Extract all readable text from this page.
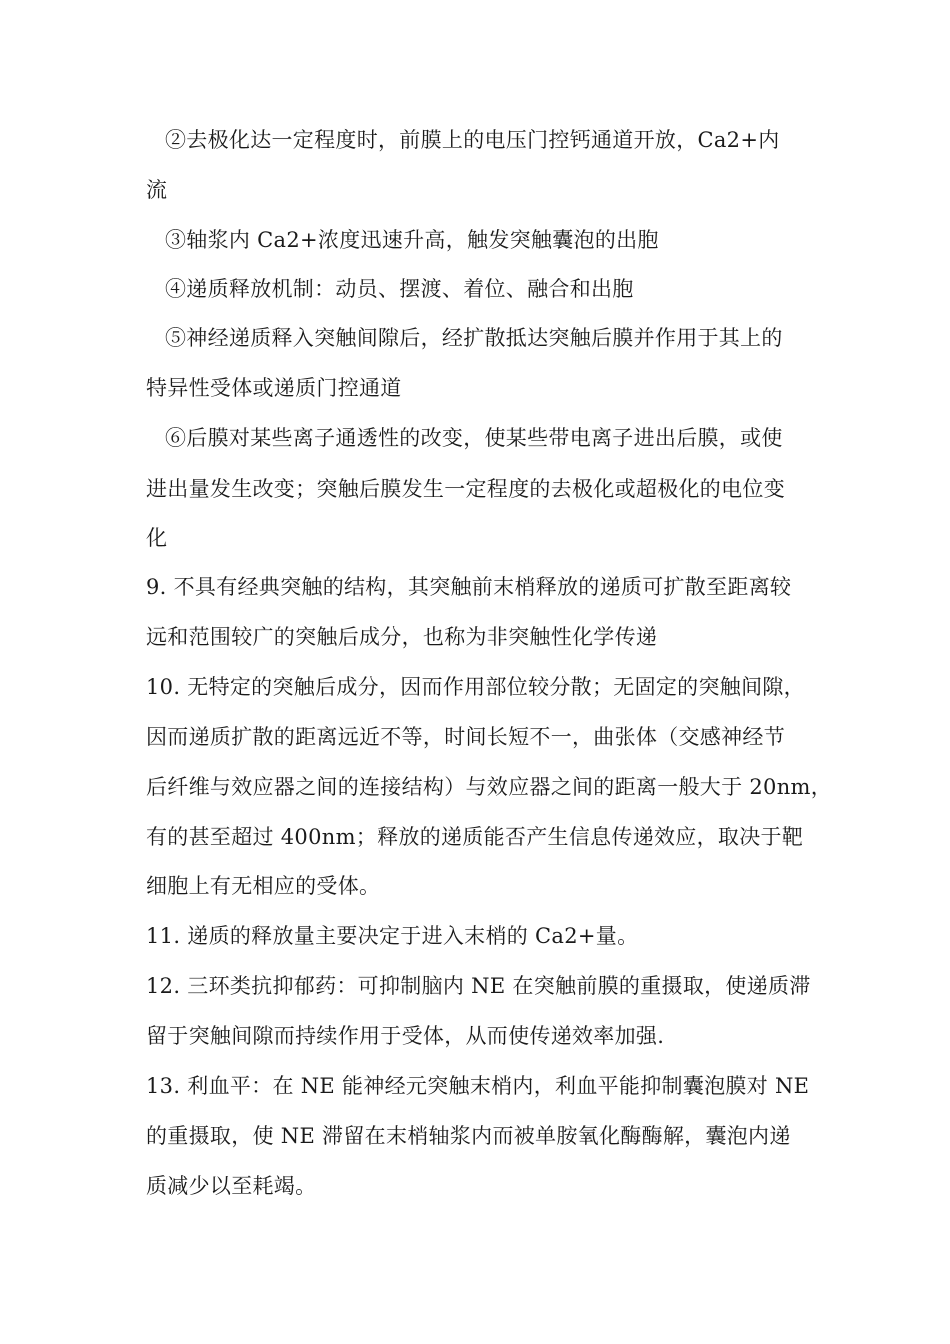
②去极化达一定程度时，前膜上的电压门控钙通道开放，Ca2+内
流
③轴浆内 Ca2+浓度迅速升高，触发突触囊泡的出胞
④递质释放机制：动员、摆渡、着位、融合和出胞
⑤神经递质释入突触间隙后，经扩散抵达突触后膜并作用于其上的
特异性受体或递质门控通道
⑥后膜对某些离子通透性的改变，使某些带电离子进出后膜，或使
进出量发生改变；突触后膜发生一定程度的去极化或超极化的电位变
化
9. 不具有经典突触的结构，其突触前末梢释放的递质可扩散至距离较
远和范围较广的突触后成分，也称为非突触性化学传递
10. 无特定的突触后成分，因而作用部位较分散；无固定的突触间隙，
因而递质扩散的距离远近不等，时间长短不一，曲张体（交感神经节
后纤维与效应器之间的连接结构）与效应器之间的距离一般大于 20nm，
有的甚至超过 400nm；释放的递质能否产生信息传递效应，取决于靶
细胞上有无相应的受体。
11. 递质的释放量主要决定于进入末梢的 Ca2+量。
12. 三环类抗抑郁药：可抑制脑内 NE 在突触前膜的重摄取，使递质滞
留于突触间隙而持续作用于受体，从而使传递效率加强.
13. 利血平：在 NE 能神经元突触末梢内，利血平能抑制囊泡膜对 NE
的重摄取，使 NE 滞留在末梢轴浆内而被单胺氧化酶酶解，囊泡内递
质减少以至耗竭。
